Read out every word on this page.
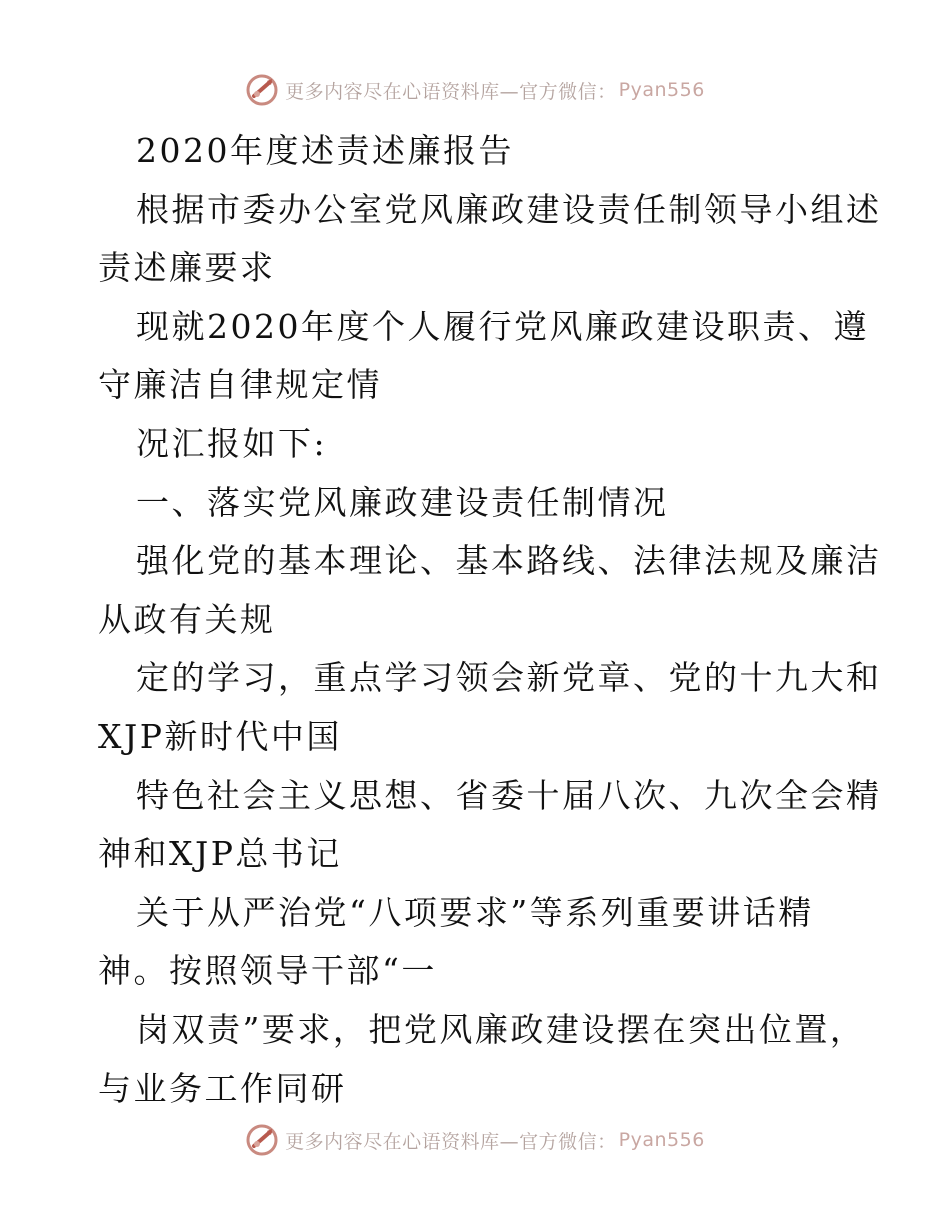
更多内容尽在心语资料库—官方微信： Pyan556
2020年度述责述廉报告
根据市委办公室党风廉政建设责任制领导小组述
责述廉要求
现就2020年度个人履行党风廉政建设职责、遵
守廉洁自律规定情
况汇报如下:
一、落实党风廉政建设责任制情况
强化党的基本理论、基本路线、法律法规及廉洁
从政有关规
定的学习，重点学习领会新党章、党的十九大和
XJP新时代中国
特色社会主义思想、省委十届八次、九次全会精
神和XJP总书记
关于从严治党“八项要求”等系列重要讲话精
神。按照领导干部“一
岗双责”要求，把党风廉政建设摆在突出位置，
与业务工作同研
更多内容尽在心语资料库—官方微信： Pyan556
